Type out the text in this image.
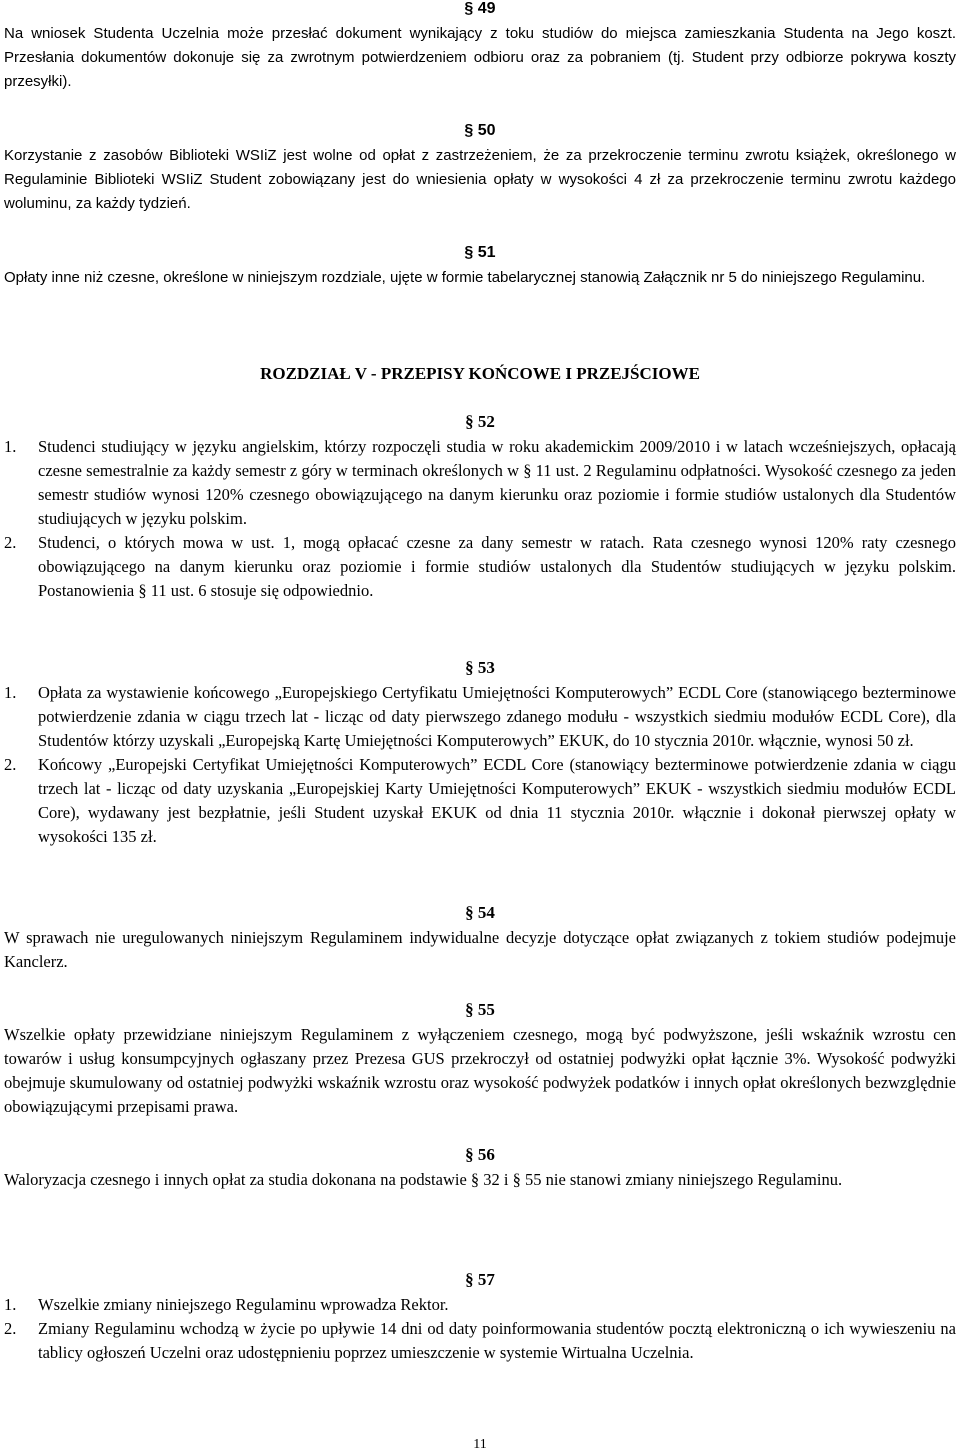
§ 49
Na wniosek Studenta Uczelnia może przesłać dokument wynikający z toku studiów do miejsca zamieszkania Studenta na Jego koszt. Przesłania dokumentów dokonuje się za zwrotnym potwierdzeniem odbioru oraz za pobraniem (tj. Student przy odbiorze pokrywa koszty przesyłki).
§ 50
Korzystanie z zasobów Biblioteki WSIiZ jest wolne od opłat z zastrzeżeniem, że za przekroczenie terminu zwrotu książek, określonego w Regulaminie Biblioteki WSIiZ Student zobowiązany jest do wniesienia opłaty w wysokości 4 zł za przekroczenie terminu zwrotu każdego woluminu, za każdy tydzień.
§ 51
Opłaty inne niż czesne, określone w niniejszym rozdziale, ujęte w formie tabelarycznej stanowią Załącznik nr 5 do niniejszego Regulaminu.
ROZDZIAŁ V - PRZEPISY KOŃCOWE I PRZEJŚCIOWE
§ 52
1.	Studenci studiujący w języku angielskim, którzy rozpoczęli studia w roku akademickim 2009/2010 i w latach wcześniejszych, opłacają czesne semestralnie za każdy semestr z góry w terminach określonych w § 11 ust. 2 Regulaminu odpłatności. Wysokość czesnego za jeden semestr studiów wynosi 120% czesnego obowiązującego na danym kierunku oraz poziomie i formie studiów ustalonych dla Studentów studiujących w języku polskim.
2.	Studenci, o których mowa w ust. 1, mogą opłacać czesne za dany semestr w ratach. Rata czesnego wynosi 120% raty czesnego obowiązującego na danym kierunku oraz poziomie i formie studiów ustalonych dla Studentów studiujących w języku polskim. Postanowienia § 11 ust. 6 stosuje się odpowiednio.
§ 53
1.	Opłata za wystawienie końcowego „Europejskiego Certyfikatu Umiejętności Komputerowych” ECDL Core (stanowiącego bezterminowe potwierdzenie zdania w ciągu trzech lat - licząc od daty pierwszego zdanego modułu - wszystkich siedmiu modułów ECDL Core), dla Studentów którzy uzyskali „Europejską Kartę Umiejętności Komputerowych” EKUK, do 10 stycznia 2010r. włącznie, wynosi 50 zł.
2.	Końcowy „Europejski Certyfikat Umiejętności Komputerowych” ECDL Core (stanowiący bezterminowe potwierdzenie zdania w ciągu trzech lat - licząc od daty uzyskania „Europejskiej Karty Umiejętności Komputerowych” EKUK - wszystkich siedmiu modułów ECDL Core), wydawany jest bezpłatnie, jeśli Student uzyskał EKUK od dnia 11 stycznia 2010r. włącznie i dokonał pierwszej opłaty w wysokości 135 zł.
§ 54
W sprawach nie uregulowanych niniejszym Regulaminem indywidualne decyzje dotyczące opłat związanych z tokiem studiów podejmuje Kanclerz.
§ 55
Wszelkie opłaty przewidziane niniejszym Regulaminem z wyłączeniem czesnego, mogą być podwyższone, jeśli wskaźnik wzrostu cen towarów i usług konsumpcyjnych ogłaszany przez Prezesa GUS przekroczył od ostatniej podwyżki opłat łącznie 3%. Wysokość podwyżki obejmuje skumulowany od ostatniej podwyżki wskaźnik wzrostu oraz wysokość podwyżek podatków i innych opłat określonych bezwzględnie obowiązującymi przepisami prawa.
§ 56
Waloryzacja czesnego i innych opłat za studia dokonana na podstawie § 32 i § 55 nie stanowi zmiany niniejszego Regulaminu.
§ 57
1.	Wszelkie zmiany niniejszego Regulaminu wprowadza Rektor.
2.	Zmiany Regulaminu wchodzą w życie po upływie 14 dni od daty poinformowania studentów pocztą elektroniczną o ich wywieszeniu na tablicy ogłoszeń Uczelni oraz udostępnieniu poprzez umieszczenie w systemie Wirtualna Uczelnia.
11
